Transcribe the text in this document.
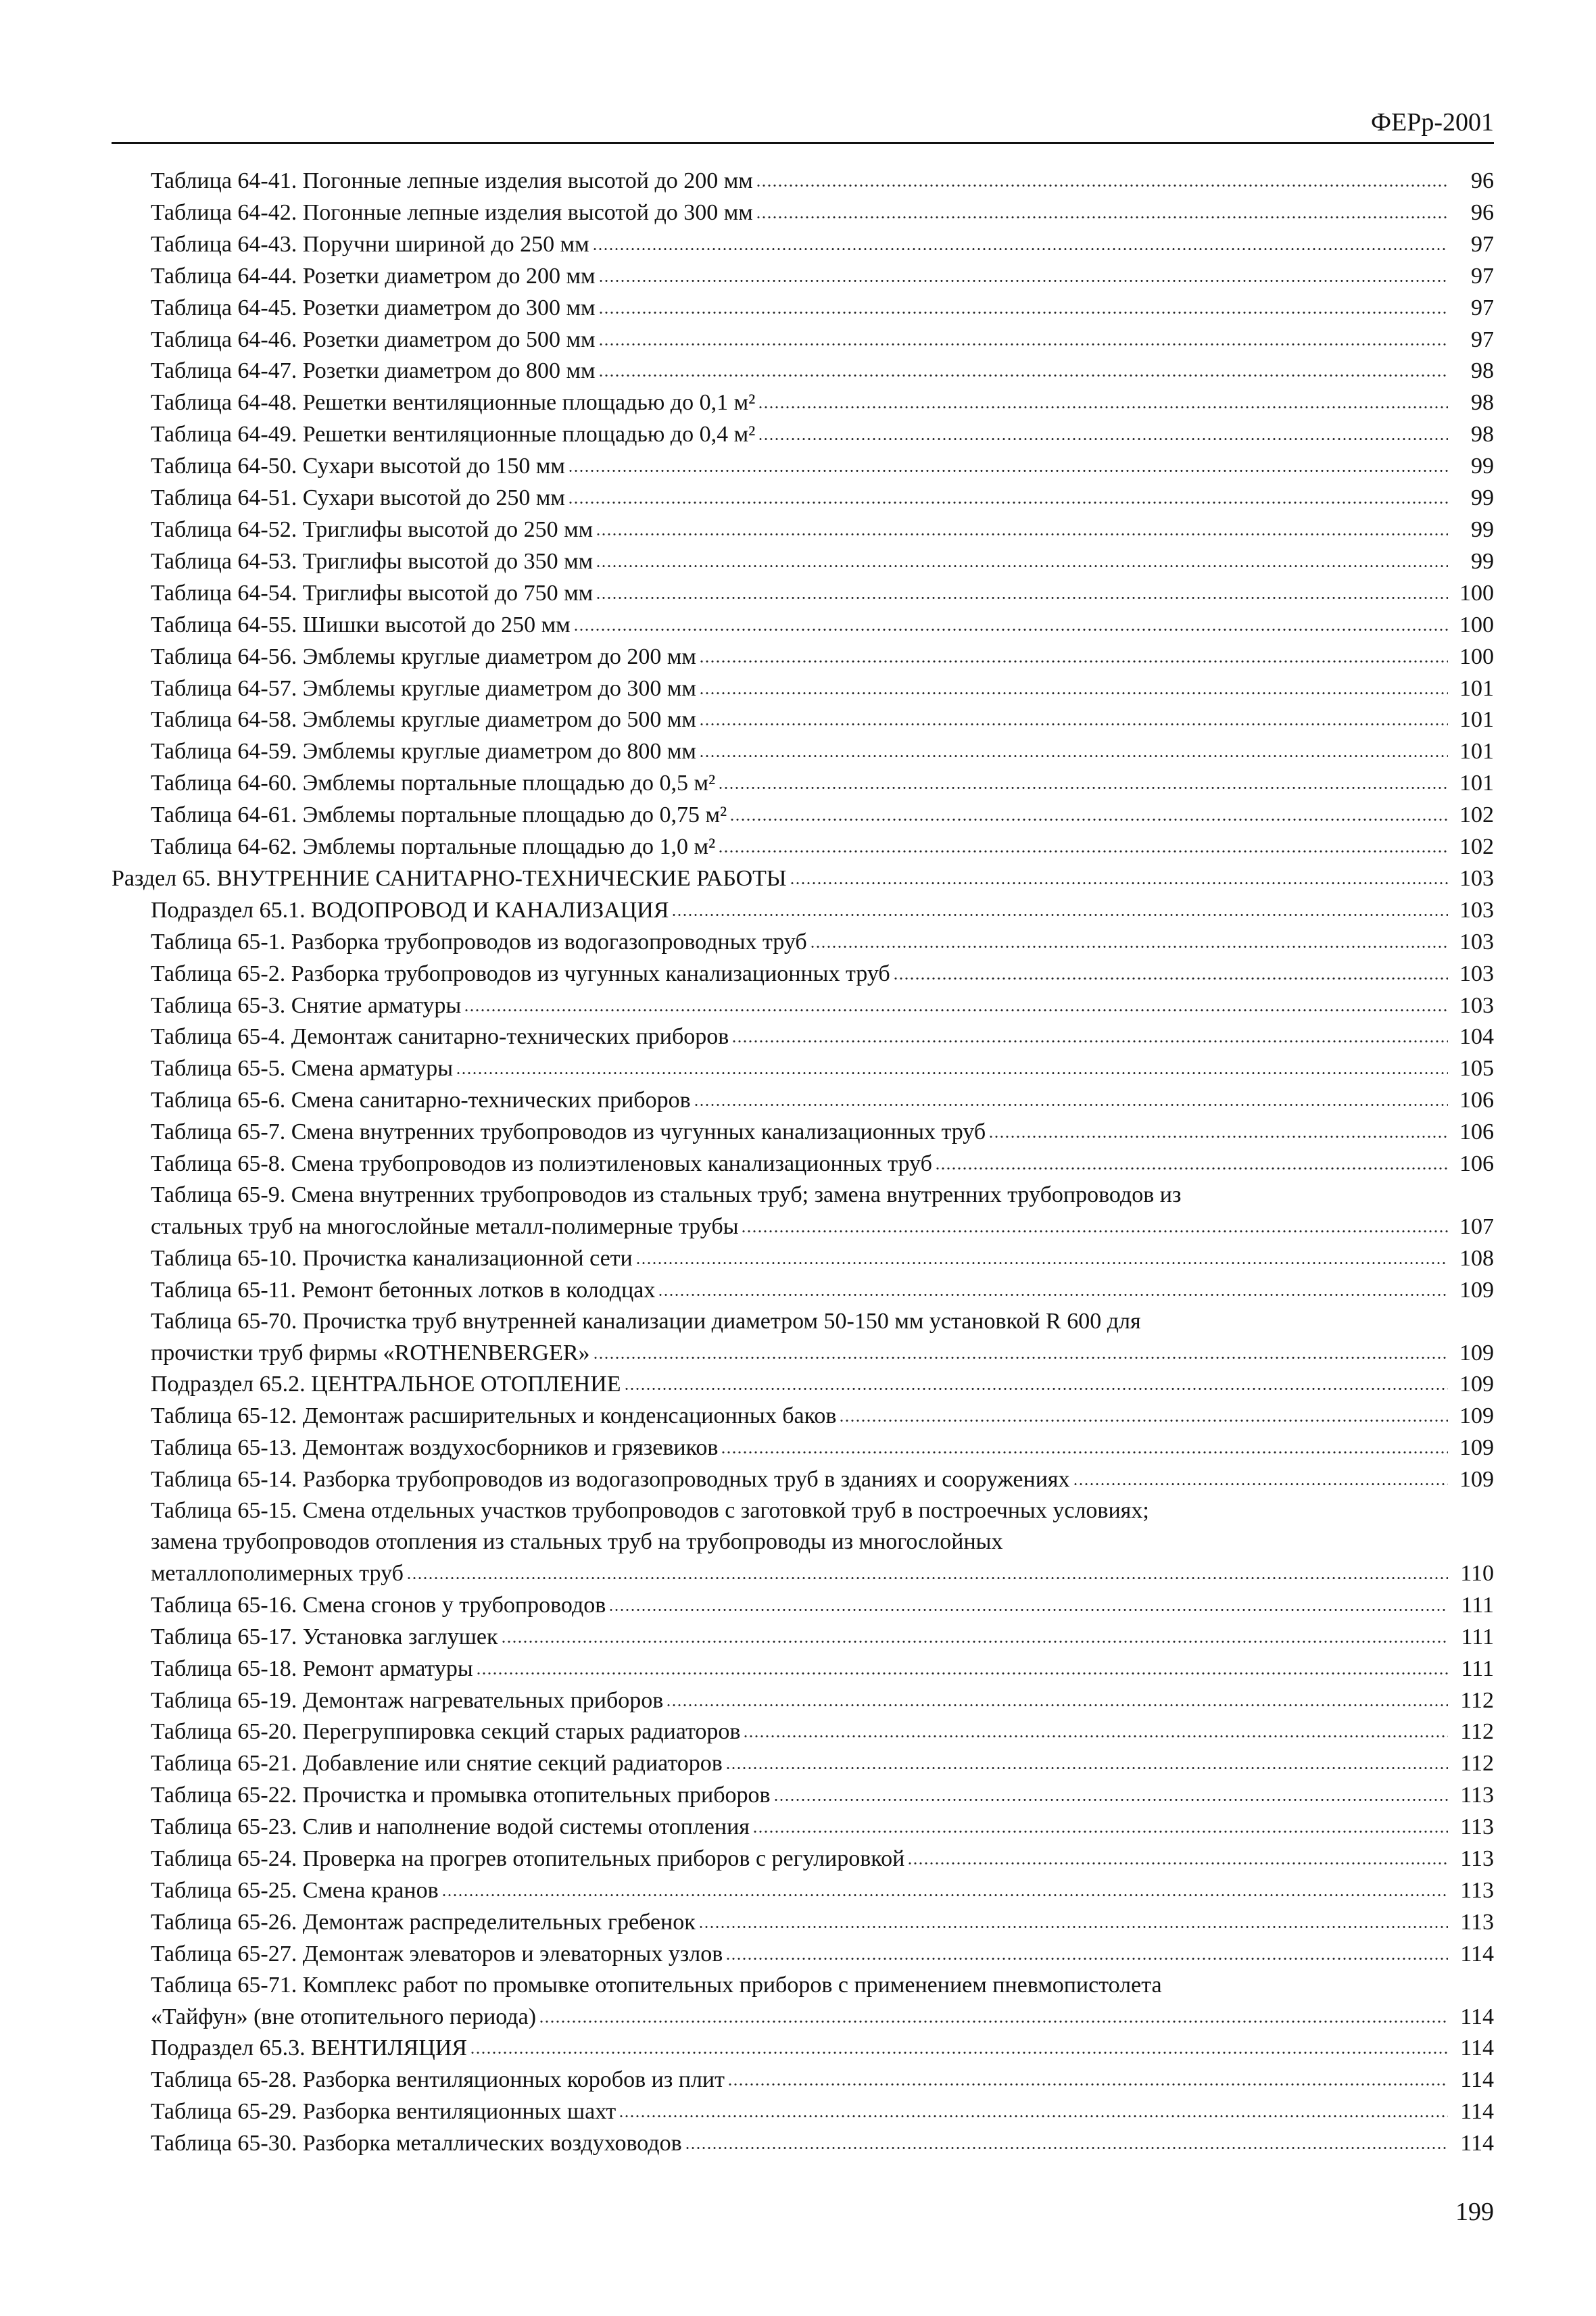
ФЕРр-2001
Таблица 64-41. Погонные лепные изделия высотой до 200 мм	96
Таблица 64-42. Погонные лепные изделия высотой до 300 мм	96
Таблица 64-43. Поручни шириной до 250 мм	97
Таблица 64-44. Розетки диаметром до 200 мм	97
Таблица 64-45. Розетки диаметром до 300 мм	97
Таблица 64-46. Розетки диаметром до 500 мм	97
Таблица 64-47. Розетки диаметром до 800 мм	98
Таблица 64-48. Решетки вентиляционные площадью до 0,1 м²	98
Таблица 64-49. Решетки вентиляционные площадью до 0,4 м²	98
Таблица 64-50. Сухари высотой до 150 мм	99
Таблица 64-51. Сухари высотой до 250 мм	99
Таблица 64-52. Триглифы высотой до 250 мм	99
Таблица 64-53. Триглифы высотой до 350 мм	99
Таблица 64-54. Триглифы высотой до 750 мм	100
Таблица 64-55. Шишки высотой до 250 мм	100
Таблица 64-56. Эмблемы круглые диаметром до 200 мм	100
Таблица 64-57. Эмблемы круглые диаметром до 300 мм	101
Таблица 64-58. Эмблемы круглые диаметром до 500 мм	101
Таблица 64-59. Эмблемы круглые диаметром до 800 мм	101
Таблица 64-60. Эмблемы портальные площадью до 0,5 м²	101
Таблица 64-61. Эмблемы портальные площадью до 0,75 м²	102
Таблица 64-62. Эмблемы портальные площадью до 1,0 м²	102
Раздел 65. ВНУТРЕННИЕ САНИТАРНО-ТЕХНИЧЕСКИЕ РАБОТЫ	103
Подраздел 65.1. ВОДОПРОВОД И КАНАЛИЗАЦИЯ	103
Таблица 65-1. Разборка трубопроводов из водогазопроводных труб	103
Таблица 65-2. Разборка трубопроводов из чугунных канализационных труб	103
Таблица 65-3. Снятие арматуры	103
Таблица 65-4. Демонтаж санитарно-технических приборов	104
Таблица 65-5. Смена арматуры	105
Таблица 65-6. Смена санитарно-технических приборов	106
Таблица 65-7. Смена внутренних трубопроводов из чугунных канализационных труб	106
Таблица 65-8. Смена трубопроводов из полиэтиленовых канализационных труб	106
Таблица 65-9. Смена внутренних трубопроводов из стальных труб; замена внутренних трубопроводов из
стальных труб на многослойные металл-полимерные трубы	107
Таблица 65-10. Прочистка канализационной сети	108
Таблица 65-11. Ремонт бетонных лотков в колодцах	109
Таблица 65-70. Прочистка труб внутренней канализации диаметром 50-150 мм установкой R 600 для
прочистки труб фирмы «ROTHENBERGER»	109
Подраздел 65.2. ЦЕНТРАЛЬНОЕ ОТОПЛЕНИЕ	109
Таблица 65-12. Демонтаж расширительных и конденсационных баков	109
Таблица 65-13. Демонтаж воздухосборников и грязевиков	109
Таблица 65-14. Разборка трубопроводов из водогазопроводных труб в зданиях и сооружениях	109
Таблица 65-15. Смена отдельных участков трубопроводов с заготовкой труб в построечных условиях;
замена трубопроводов отопления из стальных труб на трубопроводы из многослойных
металлополимерных труб	110
Таблица 65-16. Смена сгонов у трубопроводов	111
Таблица 65-17. Установка заглушек	111
Таблица 65-18. Ремонт арматуры	111
Таблица 65-19. Демонтаж нагревательных приборов	112
Таблица 65-20. Перегруппировка секций старых радиаторов	112
Таблица 65-21. Добавление или снятие секций радиаторов	112
Таблица 65-22. Прочистка и промывка отопительных приборов	113
Таблица 65-23. Слив и наполнение водой системы отопления	113
Таблица 65-24. Проверка на прогрев отопительных приборов с регулировкой	113
Таблица 65-25. Смена кранов	113
Таблица 65-26. Демонтаж распределительных гребенок	113
Таблица 65-27. Демонтаж элеваторов и элеваторных узлов	114
Таблица 65-71. Комплекс работ по промывке отопительных приборов с применением пневмопистолета
«Тайфун» (вне отопительного периода)	114
Подраздел 65.3. ВЕНТИЛЯЦИЯ	114
Таблица 65-28. Разборка вентиляционных коробов из плит	114
Таблица 65-29. Разборка вентиляционных шахт	114
Таблица 65-30. Разборка металлических воздуховодов	114
199
